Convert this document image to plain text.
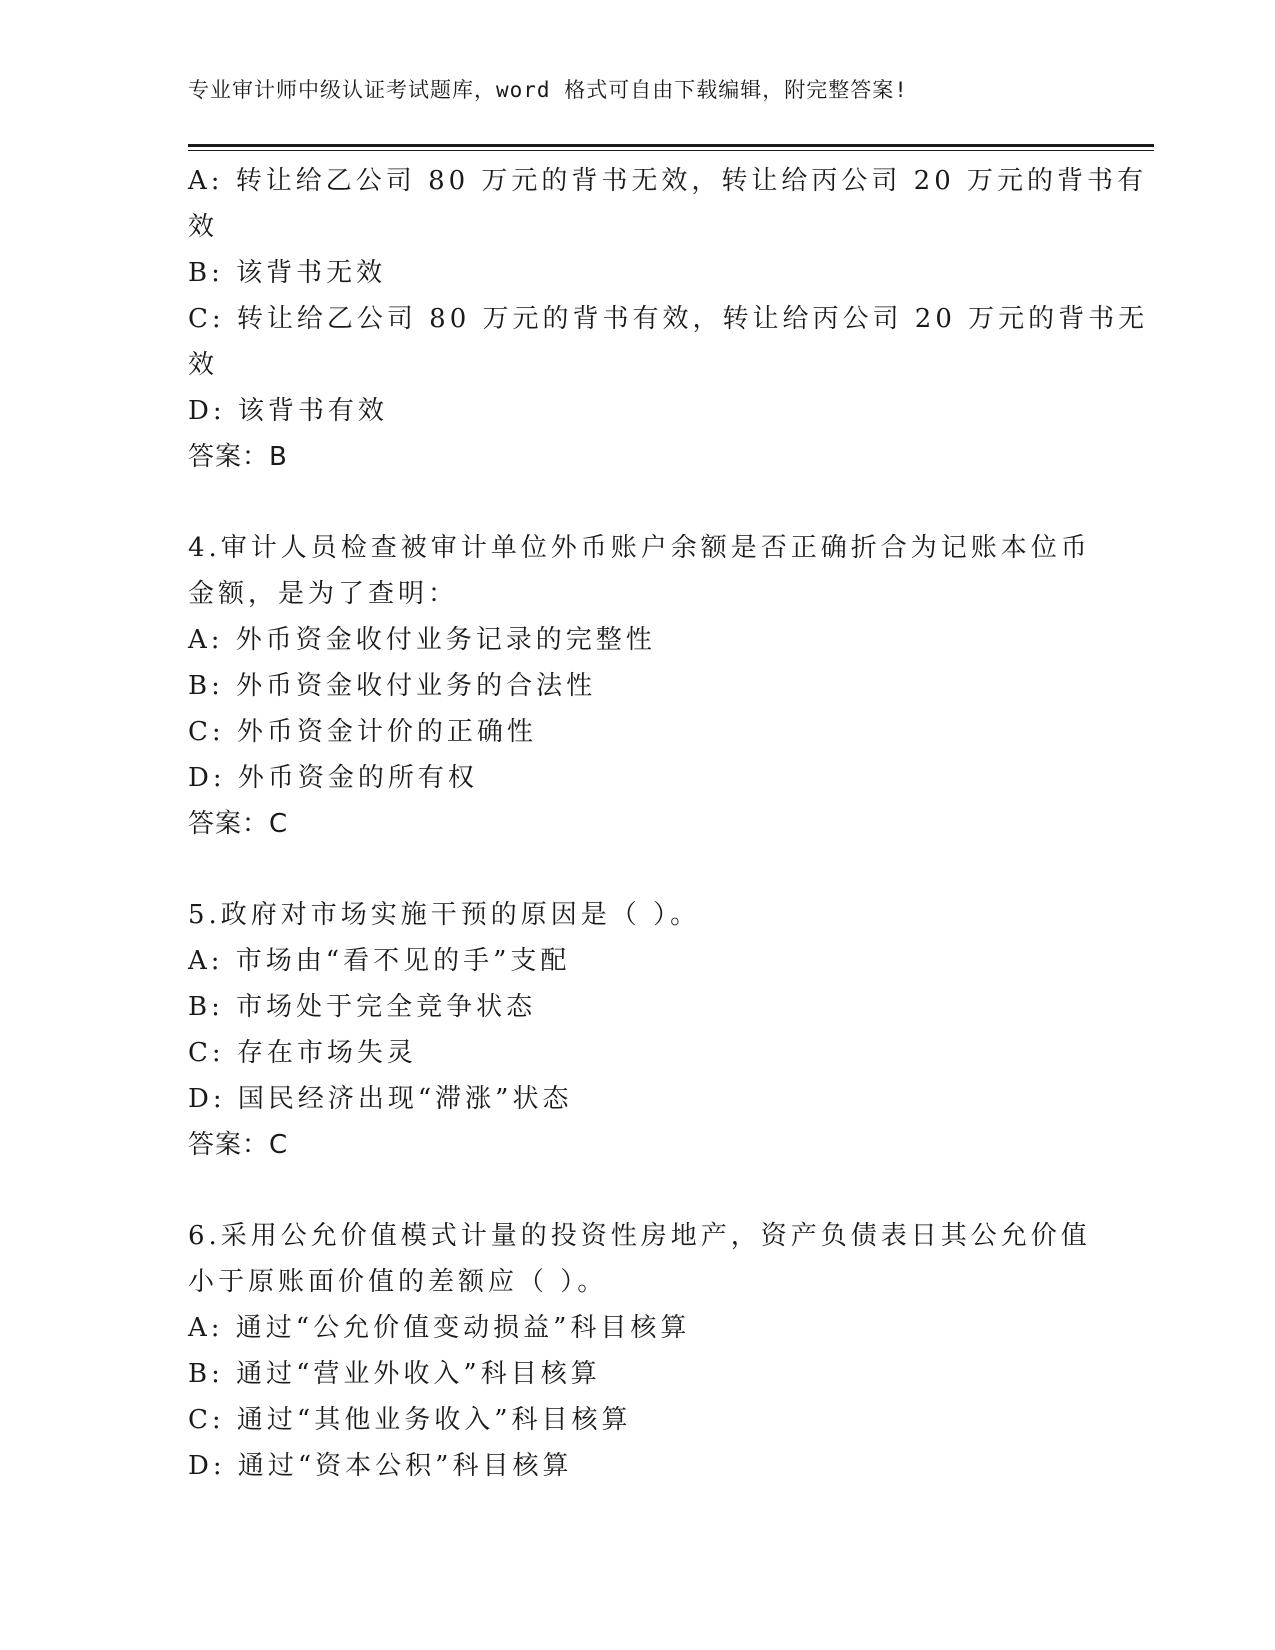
专业审计师中级认证考试题库，word 格式可自由下载编辑，附完整答案!
A: 转让给乙公司 80 万元的背书无效，转让给丙公司 20 万元的背书有
效
B: 该背书无效
C: 转让给乙公司 80 万元的背书有效，转让给丙公司 20 万元的背书无
效
D: 该背书有效
答案：B
4.审计人员检查被审计单位外币账户余额是否正确折合为记账本位币
金额，是为了查明：
A: 外币资金收付业务记录的完整性
B: 外币资金收付业务的合法性
C: 外币资金计价的正确性
D: 外币资金的所有权
答案：C
5.政府对市场实施干预的原因是（ ）。
A: 市场由“看不见的手”支配
B: 市场处于完全竞争状态
C: 存在市场失灵
D: 国民经济出现“滞涨”状态
答案：C
6.采用公允价值模式计量的投资性房地产，资产负债表日其公允价值
小于原账面价值的差额应（ ）。
A: 通过“公允价值变动损益”科目核算
B: 通过“营业外收入”科目核算
C: 通过“其他业务收入”科目核算
D: 通过“资本公积”科目核算
